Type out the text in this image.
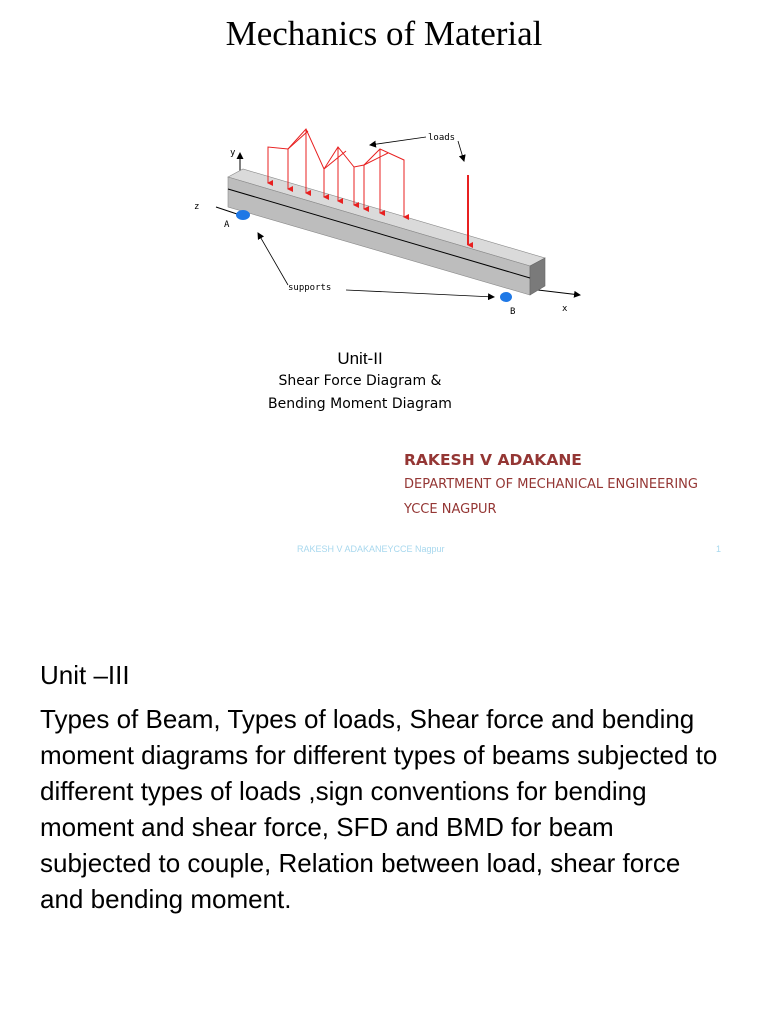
Mechanics of Material
loads
supports
y
z
x
A
B
Unit-II
Shear Force Diagram &
Bending Moment Diagram
RAKESH V ADAKANE
DEPARTMENT OF MECHANICAL ENGINEERING
YCCE NAGPUR
RAKESH V ADAKANEYCCE Nagpur	1
Unit –III
Types of Beam, Types of loads, Shear force and bending moment diagrams for different types of beams subjected to different types of loads ,sign conventions for bending moment and shear force, SFD and BMD for beam subjected to couple, Relation between load, shear force and bending moment.
